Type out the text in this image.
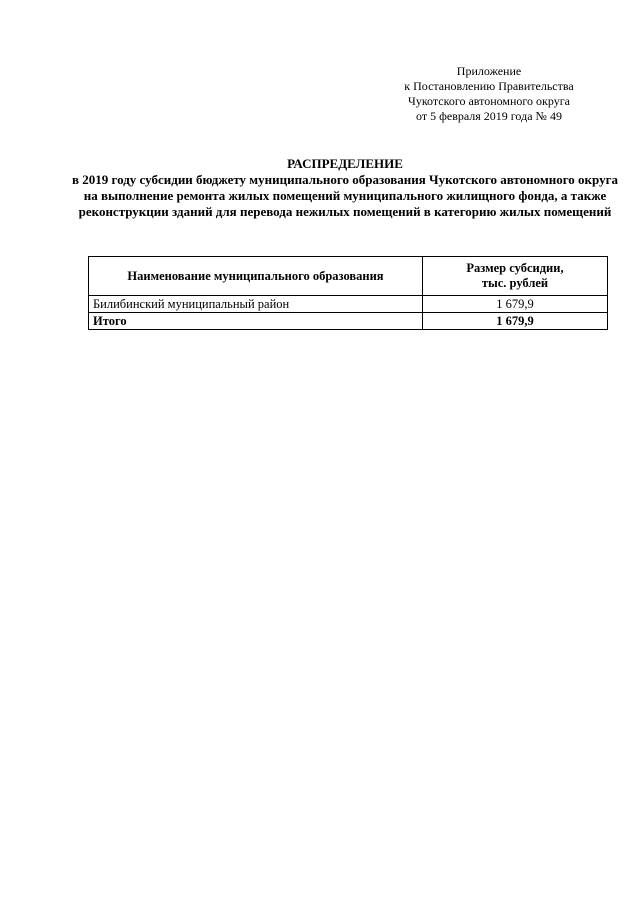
Приложение
к Постановлению Правительства
Чукотского автономного округа
от 5 февраля 2019 года № 49
РАСПРЕДЕЛЕНИЕ
в 2019 году субсидии бюджету муниципального образования Чукотского автономного округа на выполнение ремонта жилых помещений муниципального жилищного фонда, а также реконструкции зданий для перевода нежилых помещений в категорию жилых помещений
Наименование муниципального образования	Размер субсидии,
тыс. рублей
Билибинский муниципальный район	1 679,9
Итого	1 679,9
